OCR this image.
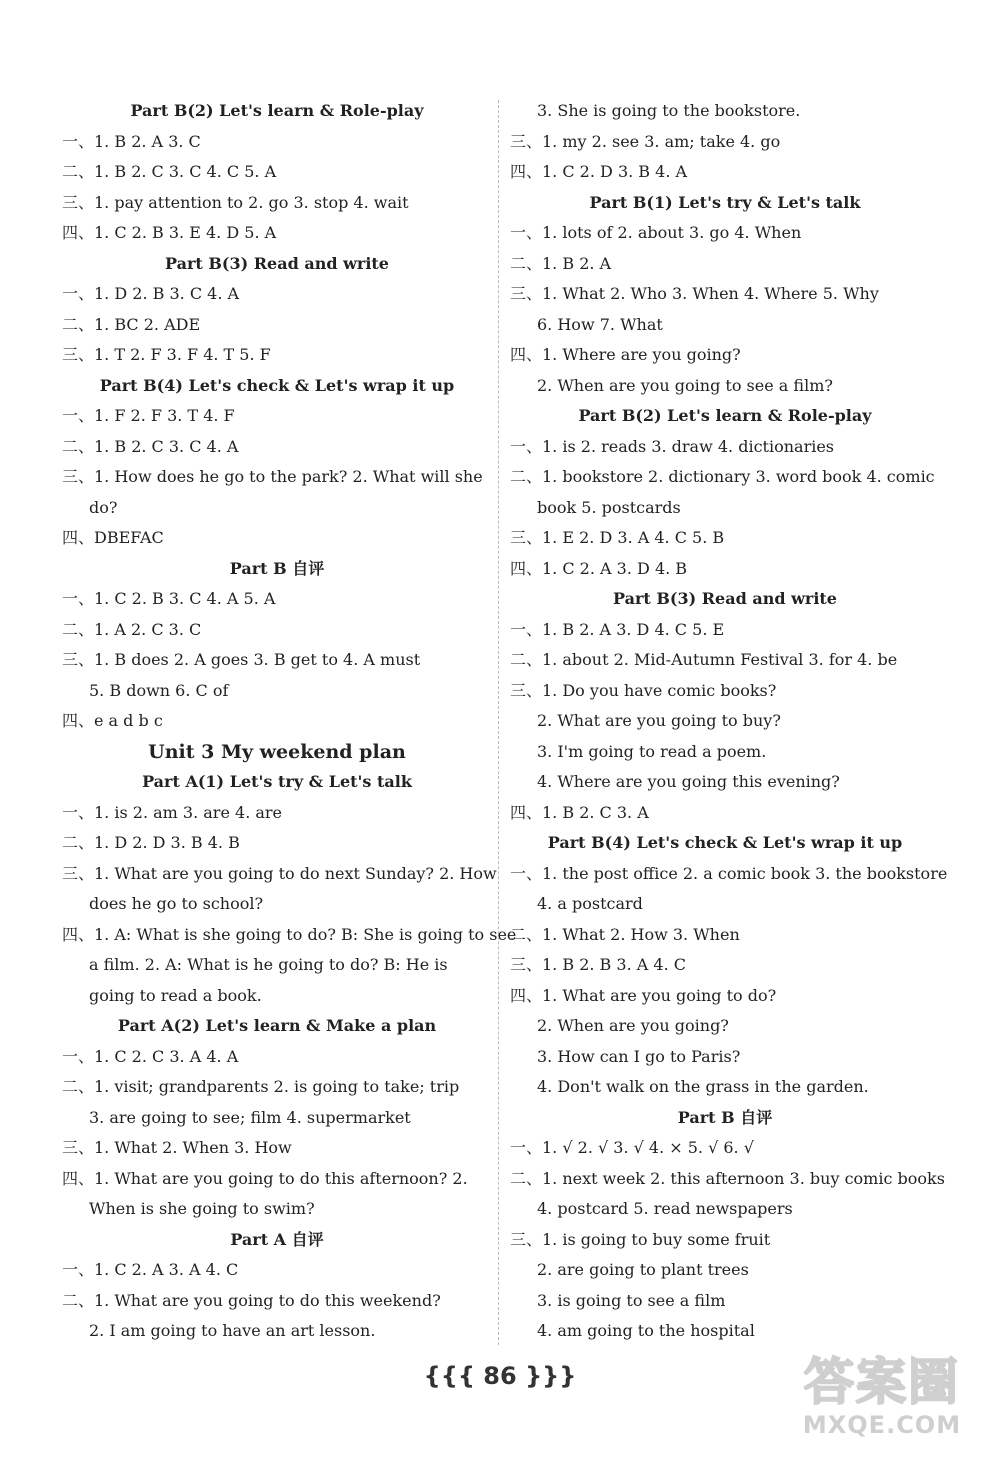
Part B(2) Let's learn & Role-play
一、1. B 2. A 3. C
二、1. B 2. C 3. C 4. C 5. A
三、1. pay attention to 2. go 3. stop 4. wait
四、1. C 2. B 3. E 4. D 5. A
Part B(3) Read and write
一、1. D 2. B 3. C 4. A
二、1. BC 2. ADE
三、1. T 2. F 3. F 4. T 5. F
Part B(4) Let's check & Let's wrap it up
一、1. F 2. F 3. T 4. F
二、1. B 2. C 3. C 4. A
三、1. How does he go to the park? 2. What will she
do?
四、DBEFAC
Part B 自评
一、1. C 2. B 3. C 4. A 5. A
二、1. A 2. C 3. C
三、1. B does 2. A goes 3. B get to 4. A must
5. B down 6. C of
四、e a d b c
Unit 3 My weekend plan
Part A(1) Let's try & Let's talk
一、1. is 2. am 3. are 4. are
二、1. D 2. D 3. B 4. B
三、1. What are you going to do next Sunday? 2. How
does he go to school?
四、1. A: What is she going to do? B: She is going to see
a film. 2. A: What is he going to do? B: He is
going to read a book.
Part A(2) Let's learn & Make a plan
一、1. C 2. C 3. A 4. A
二、1. visit; grandparents 2. is going to take; trip
3. are going to see; film 4. supermarket
三、1. What 2. When 3. How
四、1. What are you going to do this afternoon? 2.
When is she going to swim?
Part A 自评
一、1. C 2. A 3. A 4. C
二、1. What are you going to do this weekend?
2. I am going to have an art lesson.
3. She is going to the bookstore.
三、1. my 2. see 3. am; take 4. go
四、1. C 2. D 3. B 4. A
Part B(1) Let's try & Let's talk
一、1. lots of 2. about 3. go 4. When
二、1. B 2. A
三、1. What 2. Who 3. When 4. Where 5. Why
6. How 7. What
四、1. Where are you going?
2. When are you going to see a film?
Part B(2) Let's learn & Role-play
一、1. is 2. reads 3. draw 4. dictionaries
二、1. bookstore 2. dictionary 3. word book 4. comic
book 5. postcards
三、1. E 2. D 3. A 4. C 5. B
四、1. C 2. A 3. D 4. B
Part B(3) Read and write
一、1. B 2. A 3. D 4. C 5. E
二、1. about 2. Mid-Autumn Festival 3. for 4. be
三、1. Do you have comic books?
2. What are you going to buy?
3. I'm going to read a poem.
4. Where are you going this evening?
四、1. B 2. C 3. A
Part B(4) Let's check & Let's wrap it up
一、1. the post office 2. a comic book 3. the bookstore
4. a postcard
二、1. What 2. How 3. When
三、1. B 2. B 3. A 4. C
四、1. What are you going to do?
2. When are you going?
3. How can I go to Paris?
4. Don't walk on the grass in the garden.
Part B 自评
一、1. √ 2. √ 3. √ 4. × 5. √ 6. √
二、1. next week 2. this afternoon 3. buy comic books
4. postcard 5. read newspapers
三、1. is going to buy some fruit
2. are going to plant trees
3. is going to see a film
4. am going to the hospital
{{{ 86 }}}	答案圈
MXQE.COM
